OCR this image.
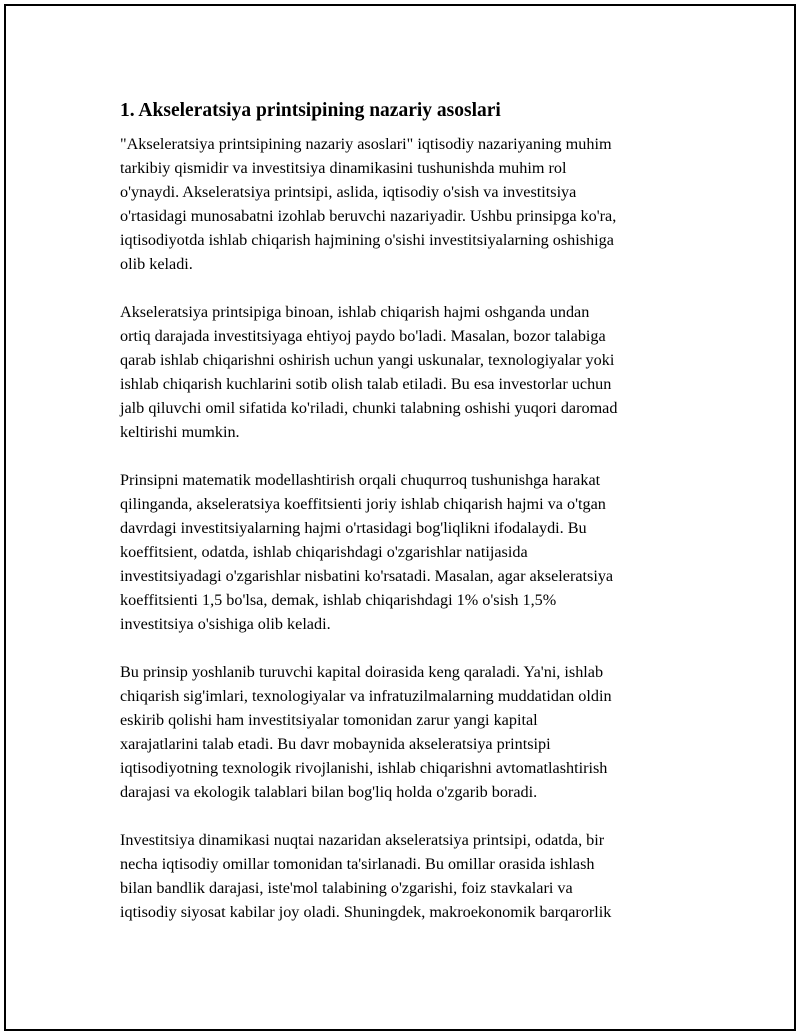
1. Akseleratsiya printsipining nazariy asoslari

"Akseleratsiya printsipining nazariy asoslari" iqtisodiy nazariyaning muhim
tarkibiy qismidir va investitsiya dinamikasini tushunishda muhim rol
o'ynaydi. Akseleratsiya printsipi, aslida, iqtisodiy o'sish va investitsiya
o'rtasidagi munosabatni izohlab beruvchi nazariyadir. Ushbu prinsipga ko'ra,
iqtisodiyotda ishlab chiqarish hajmining o'sishi investitsiyalarning oshishiga
olib keladi.

Akseleratsiya printsipiga binoan, ishlab chiqarish hajmi oshganda undan
ortiq darajada investitsiyaga ehtiyoj paydo bo'ladi. Masalan, bozor talabiga
qarab ishlab chiqarishni oshirish uchun yangi uskunalar, texnologiyalar yoki
ishlab chiqarish kuchlarini sotib olish talab etiladi. Bu esa investorlar uchun
jalb qiluvchi omil sifatida ko'riladi, chunki talabning oshishi yuqori daromad
keltirishi mumkin.

Prinsipni matematik modellashtirish orqali chuqurroq tushunishga harakat
qilinganda, akseleratsiya koeffitsienti joriy ishlab chiqarish hajmi va o'tgan
davrdagi investitsiyalarning hajmi o'rtasidagi bog'liqlikni ifodalaydi. Bu
koeffitsient, odatda, ishlab chiqarishdagi o'zgarishlar natijasida
investitsiyadagi o'zgarishlar nisbatini ko'rsatadi. Masalan, agar akseleratsiya
koeffitsienti 1,5 bo'lsa, demak, ishlab chiqarishdagi 1% o'sish 1,5%
investitsiya o'sishiga olib keladi.

Bu prinsip yoshlanib turuvchi kapital doirasida keng qaraladi. Ya'ni, ishlab
chiqarish sig'imlari, texnologiyalar va infratuzilmalarning muddatidan oldin
eskirib qolishi ham investitsiyalar tomonidan zarur yangi kapital
xarajatlarini talab etadi. Bu davr mobaynida akseleratsiya printsipi
iqtisodiyotning texnologik rivojlanishi, ishlab chiqarishni avtomatlashtirish
darajasi va ekologik talablari bilan bog'liq holda o'zgarib boradi.

Investitsiya dinamikasi nuqtai nazaridan akseleratsiya printsipi, odatda, bir
necha iqtisodiy omillar tomonidan ta'sirlanadi. Bu omillar orasida ishlash
bilan bandlik darajasi, iste'mol talabining o'zgarishi, foiz stavkalari va
iqtisodiy siyosat kabilar joy oladi. Shuningdek, makroekonomik barqarorlik
